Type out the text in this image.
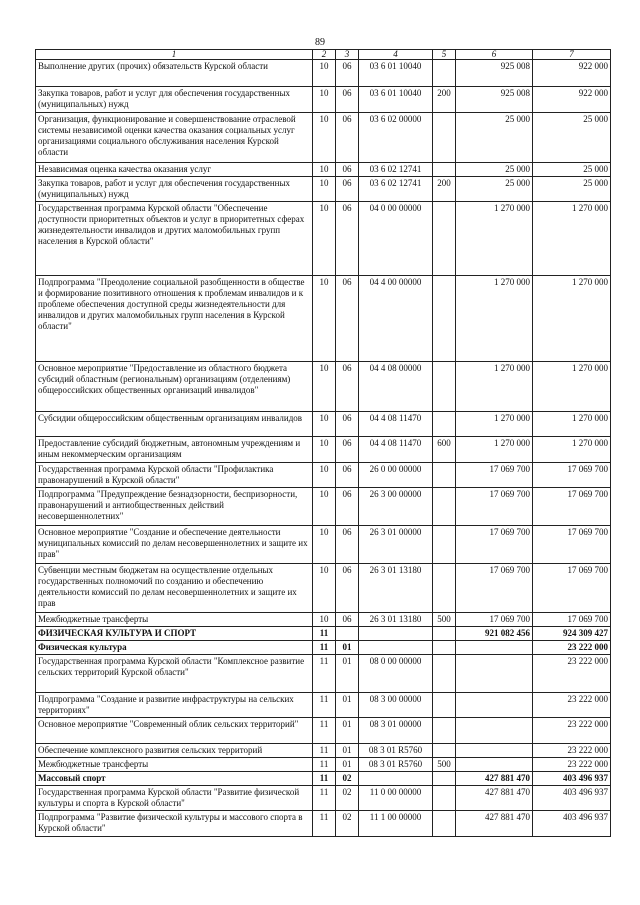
89
1	2	3	4	5	6	7
Выполнение других (прочих) обязательств Курской области	10	06	03 6 01 10040		925 008	922 000
Закупка товаров, работ и услуг для обеспечения государственных (муниципальных) нужд	10	06	03 6 01 10040	200	925 008	922 000
Организация, функционирование и совершенствование отраслевой системы независимой оценки качества оказания социальных услуг организациями социального обслуживания населения Курской области	10	06	03 6 02 00000		25 000	25 000
Независимая оценка качества оказания услуг	10	06	03 6 02 12741		25 000	25 000
Закупка товаров, работ и услуг для обеспечения государственных (муниципальных) нужд	10	06	03 6 02 12741	200	25 000	25 000
Государственная программа Курской области "Обеспечение доступности приоритетных объектов и услуг в приоритетных сферах жизнедеятельности инвалидов и других маломобильных групп населения в Курской области"	10	06	04 0 00 00000		1 270 000	1 270 000
Подпрограмма "Преодоление социальной разобщенности в обществе и формирование позитивного отношения к проблемам инвалидов и к проблеме обеспечения доступной среды жизнедеятельности для инвалидов и других маломобильных групп населения в Курской области"	10	06	04 4 00 00000		1 270 000	1 270 000
Основное мероприятие "Предоставление из областного бюджета субсидий областным (региональным) организациям (отделениям) общероссийских общественных организаций инвалидов"	10	06	04 4 08 00000		1 270 000	1 270 000
Субсидии общероссийским общественным организациям инвалидов	10	06	04 4 08 11470		1 270 000	1 270 000
Предоставление субсидий бюджетным, автономным учреждениям и иным некоммерческим организациям	10	06	04 4 08 11470	600	1 270 000	1 270 000
Государственная программа Курской области "Профилактика правонарушений в Курской области"	10	06	26 0 00 00000		17 069 700	17 069 700
Подпрограмма "Предупреждение безнадзорности, беспризорности, правонарушений и антиобщественных действий несовершеннолетних"	10	06	26 3 00 00000		17 069 700	17 069 700
Основное мероприятие "Создание и обеспечение деятельности муниципальных комиссий по делам несовершеннолетних и защите их прав"	10	06	26 3 01 00000		17 069 700	17 069 700
Субвенции местным бюджетам на осуществление отдельных государственных полномочий по созданию и обеспечению деятельности комиссий по делам несовершеннолетних и защите их прав	10	06	26 3 01 13180		17 069 700	17 069 700
Межбюджетные трансферты	10	06	26 3 01 13180	500	17 069 700	17 069 700
ФИЗИЧЕСКАЯ КУЛЬТУРА И СПОРТ	11				921 082 456	924 309 427
Физическая культура	11	01				23 222 000
Государственная программа Курской области "Комплексное развитие сельских территорий Курской области"	11	01	08 0 00 00000			23 222 000
Подпрограмма "Создание и развитие инфраструктуры на сельских территориях"	11	01	08 3 00 00000			23 222 000
Основное мероприятие "Современный облик сельских территорий"	11	01	08 3 01 00000			23 222 000
Обеспечение комплексного развития сельских территорий	11	01	08 3 01 R5760			23 222 000
Межбюджетные трансферты	11	01	08 3 01 R5760	500		23 222 000
Массовый спорт	11	02			427 881 470	403 496 937
Государственная программа Курской области "Развитие физической культуры и спорта в Курской области"	11	02	11 0 00 00000		427 881 470	403 496 937
Подпрограмма "Развитие физической культуры и массового спорта в Курской области"	11	02	11 1 00 00000		427 881 470	403 496 937
